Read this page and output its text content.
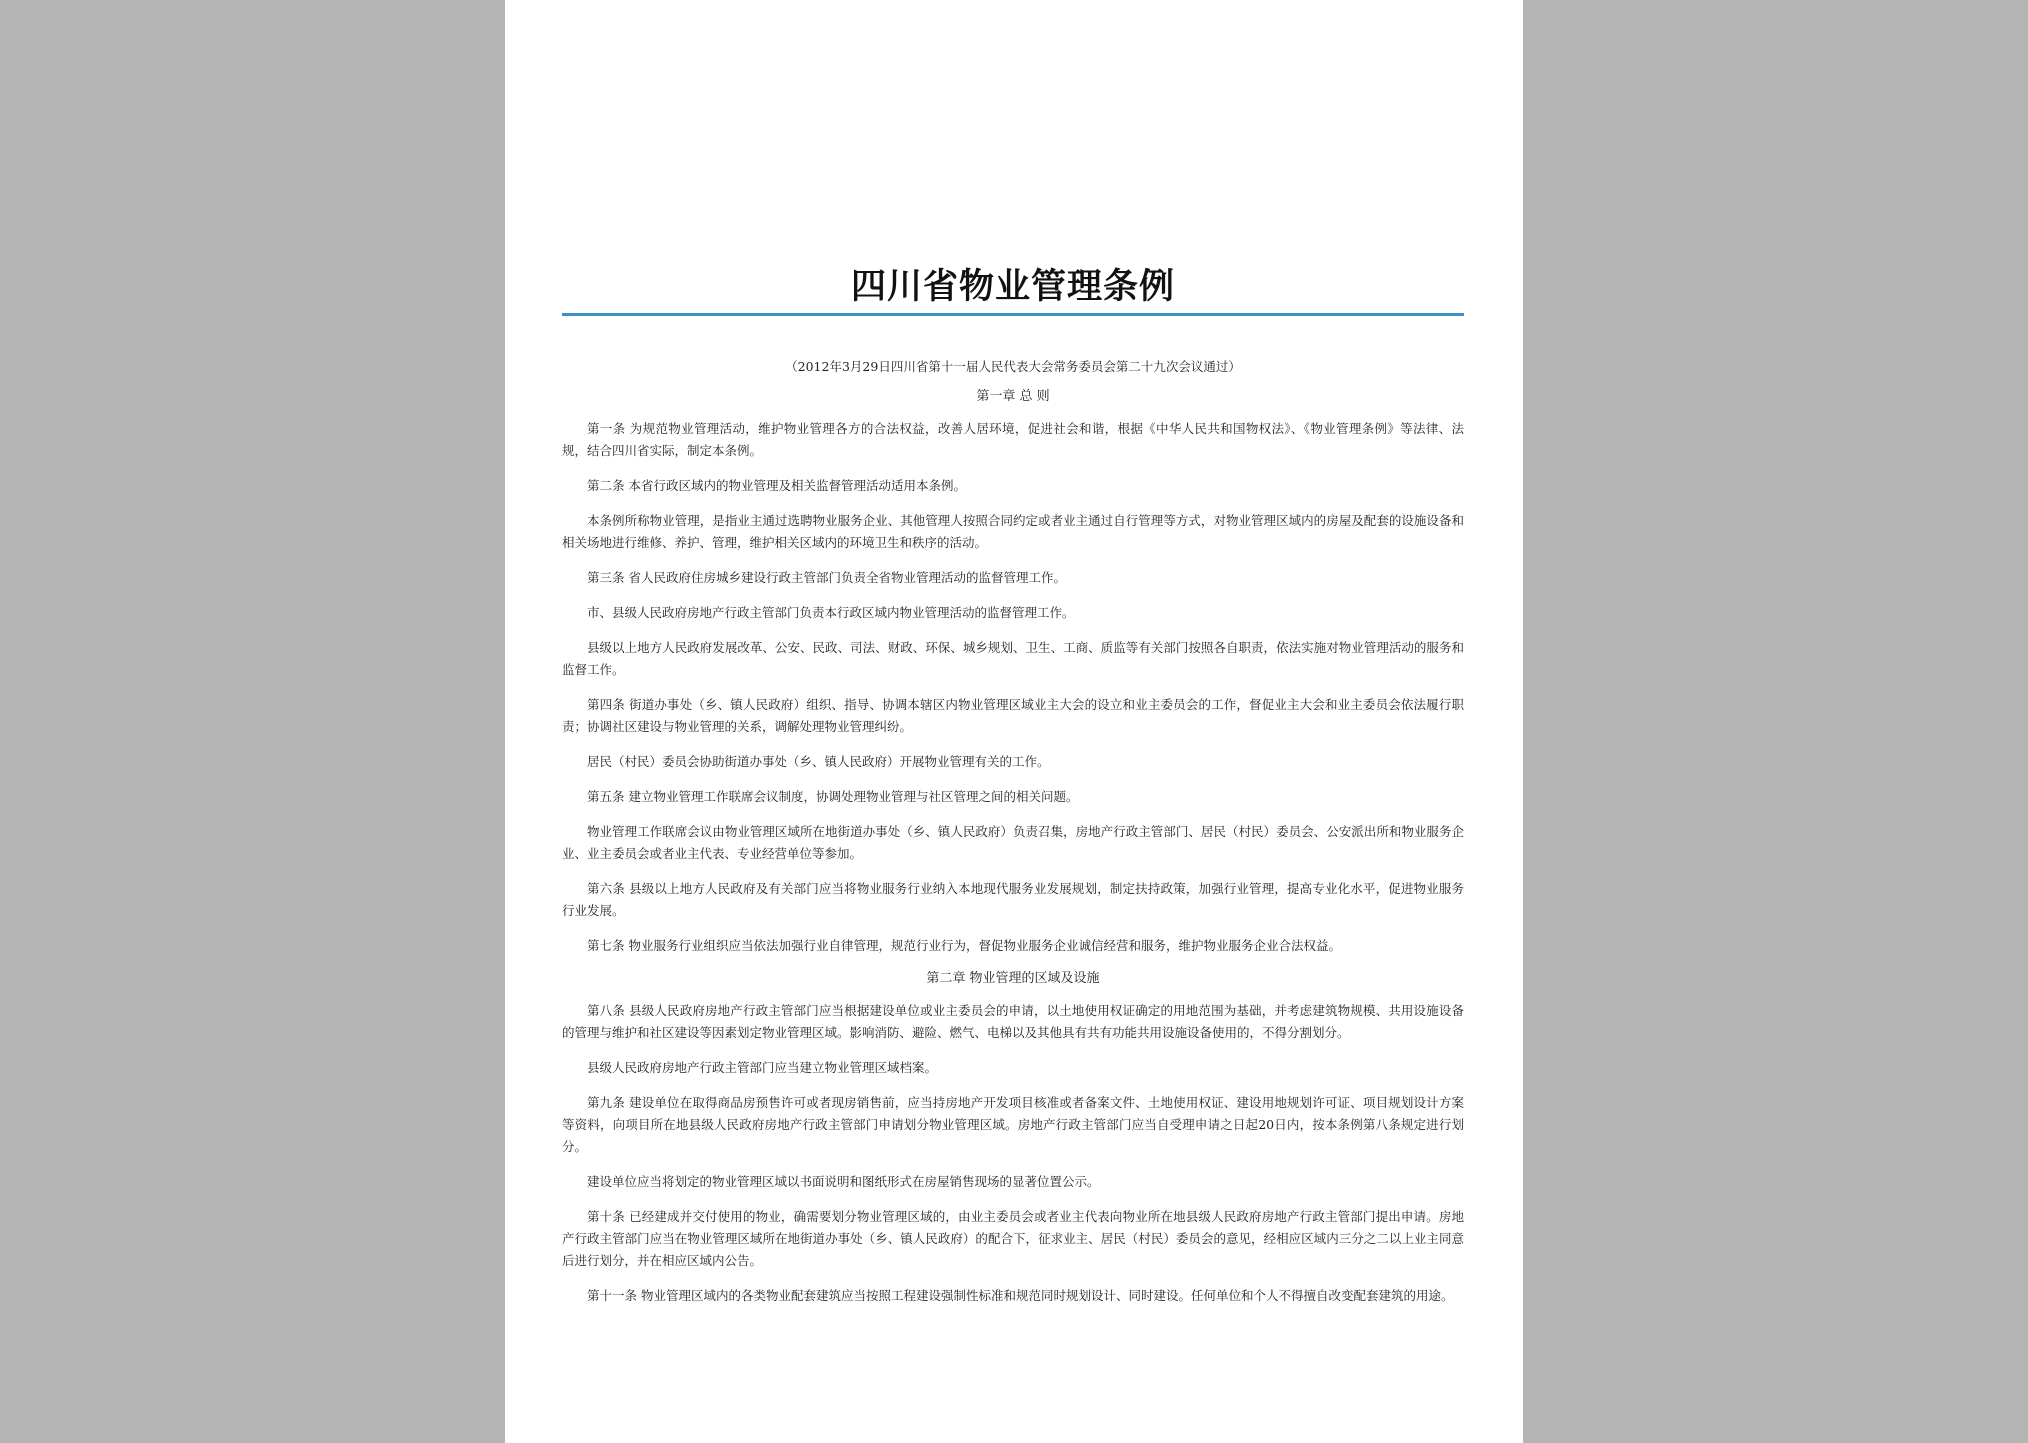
四川省物业管理条例
（2012年3月29日四川省第十一届人民代表大会常务委员会第二十九次会议通过）
第一章 总 则

第一条 为规范物业管理活动，维护物业管理各方的合法权益，改善人居环境，促进社会和谐，根据《中华人民共和国物权法》、《物业管理条例》等法律、法规，结合四川省实际，制定本条例。

第二条 本省行政区域内的物业管理及相关监督管理活动适用本条例。

本条例所称物业管理，是指业主通过选聘物业服务企业、其他管理人按照合同约定或者业主通过自行管理等方式，对物业管理区域内的房屋及配套的设施设备和相关场地进行维修、养护、管理，维护相关区域内的环境卫生和秩序的活动。

第三条 省人民政府住房城乡建设行政主管部门负责全省物业管理活动的监督管理工作。

市、县级人民政府房地产行政主管部门负责本行政区域内物业管理活动的监督管理工作。

县级以上地方人民政府发展改革、公安、民政、司法、财政、环保、城乡规划、卫生、工商、质监等有关部门按照各自职责，依法实施对物业管理活动的服务和监督工作。

第四条 街道办事处（乡、镇人民政府）组织、指导、协调本辖区内物业管理区域业主大会的设立和业主委员会的工作，督促业主大会和业主委员会依法履行职责；协调社区建设与物业管理的关系，调解处理物业管理纠纷。

居民（村民）委员会协助街道办事处（乡、镇人民政府）开展物业管理有关的工作。

第五条 建立物业管理工作联席会议制度，协调处理物业管理与社区管理之间的相关问题。

物业管理工作联席会议由物业管理区域所在地街道办事处（乡、镇人民政府）负责召集，房地产行政主管部门、居民（村民）委员会、公安派出所和物业服务企业、业主委员会或者业主代表、专业经营单位等参加。

第六条 县级以上地方人民政府及有关部门应当将物业服务行业纳入本地现代服务业发展规划，制定扶持政策，加强行业管理，提高专业化水平，促进物业服务行业发展。

第七条 物业服务行业组织应当依法加强行业自律管理，规范行业行为，督促物业服务企业诚信经营和服务，维护物业服务企业合法权益。

第二章 物业管理的区域及设施

第八条 县级人民政府房地产行政主管部门应当根据建设单位或业主委员会的申请，以土地使用权证确定的用地范围为基础，并考虑建筑物规模、共用设施设备的管理与维护和社区建设等因素划定物业管理区域。影响消防、避险、燃气、电梯以及其他具有共有功能共用设施设备使用的，不得分割划分。

县级人民政府房地产行政主管部门应当建立物业管理区域档案。

第九条 建设单位在取得商品房预售许可或者现房销售前，应当持房地产开发项目核准或者备案文件、土地使用权证、建设用地规划许可证、项目规划设计方案等资料，向项目所在地县级人民政府房地产行政主管部门申请划分物业管理区域。房地产行政主管部门应当自受理申请之日起20日内，按本条例第八条规定进行划分。

建设单位应当将划定的物业管理区域以书面说明和图纸形式在房屋销售现场的显著位置公示。

第十条 已经建成并交付使用的物业，确需要划分物业管理区域的，由业主委员会或者业主代表向物业所在地县级人民政府房地产行政主管部门提出申请。房地产行政主管部门应当在物业管理区域所在地街道办事处（乡、镇人民政府）的配合下，征求业主、居民（村民）委员会的意见，经相应区域内三分之二以上业主同意后进行划分，并在相应区域内公告。

第十一条 物业管理区域内的各类物业配套建筑应当按照工程建设强制性标准和规范同时规划设计、同时建设。任何单位和个人不得擅自改变配套建筑的用途。
